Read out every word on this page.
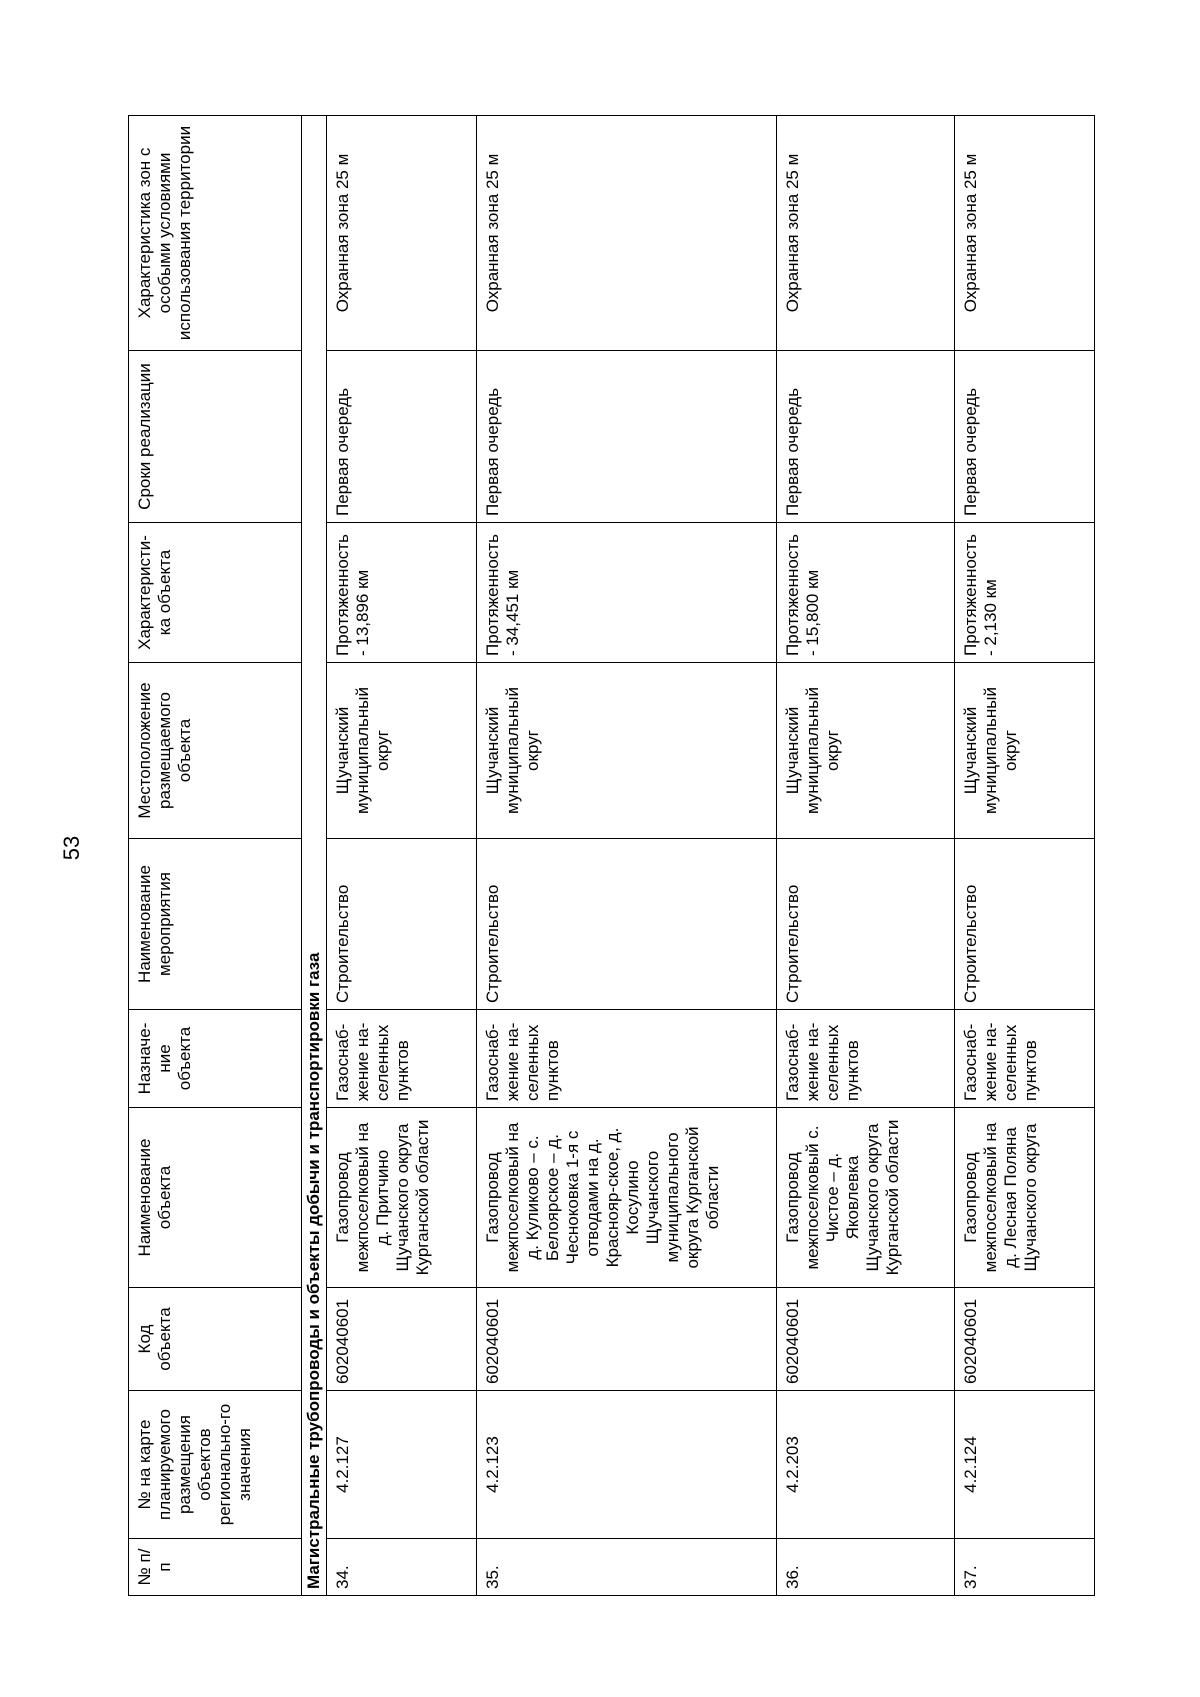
53
№ п/п	№ на карте планируемого размещения объектов регионально-го значения	Код объекта	Наименование объекта	Назначе-ние объекта	Наименование мероприятия	Местоположение размещаемого объекта	Характеристи-ка объекта	Сроки реализации	Характеристика зон с особыми условиями использования территории
Магистральные трубопроводы и объекты добычи и транспортировки газа									
34.	4.2.127	602040601	Газопровод межпоселковый на д. Притчино Щучанского округа Курганской области	Газоснаб-жение на-селенных пунктов	Строительство	Щучанский муниципальный округ	Протяженность - 13,896 км	Первая очередь	Охранная зона 25 м
35.	4.2.123	602040601	Газопровод межпоселковый на д. Куликово – с. Белоярское – д. Чесноковка 1-я с отводами на д. Краснояр-ское, д. Косулино Щучанского муниципального округа Курганской области	Газоснаб-жение на-селенных пунктов	Строительство	Щучанский муниципальный округ	Протяженность - 34,451 км	Первая очередь	Охранная зона 25 м
36.	4.2.203	602040601	Газопровод межпоселковый с. Чистое – д. Яковлевка Щучанского округа Курганской области	Газоснаб-жение на-селенных пунктов	Строительство	Щучанский муниципальный округ	Протяженность - 15,800 км	Первая очередь	Охранная зона 25 м
37.	4.2.124	602040601	Газопровод межпоселковый на д. Лесная Поляна Щучанского округа	Газоснаб-жение на-селенных пунктов	Строительство	Щучанский муниципальный округ	Протяженность - 2,130 км	Первая очередь	Охранная зона 25 м
